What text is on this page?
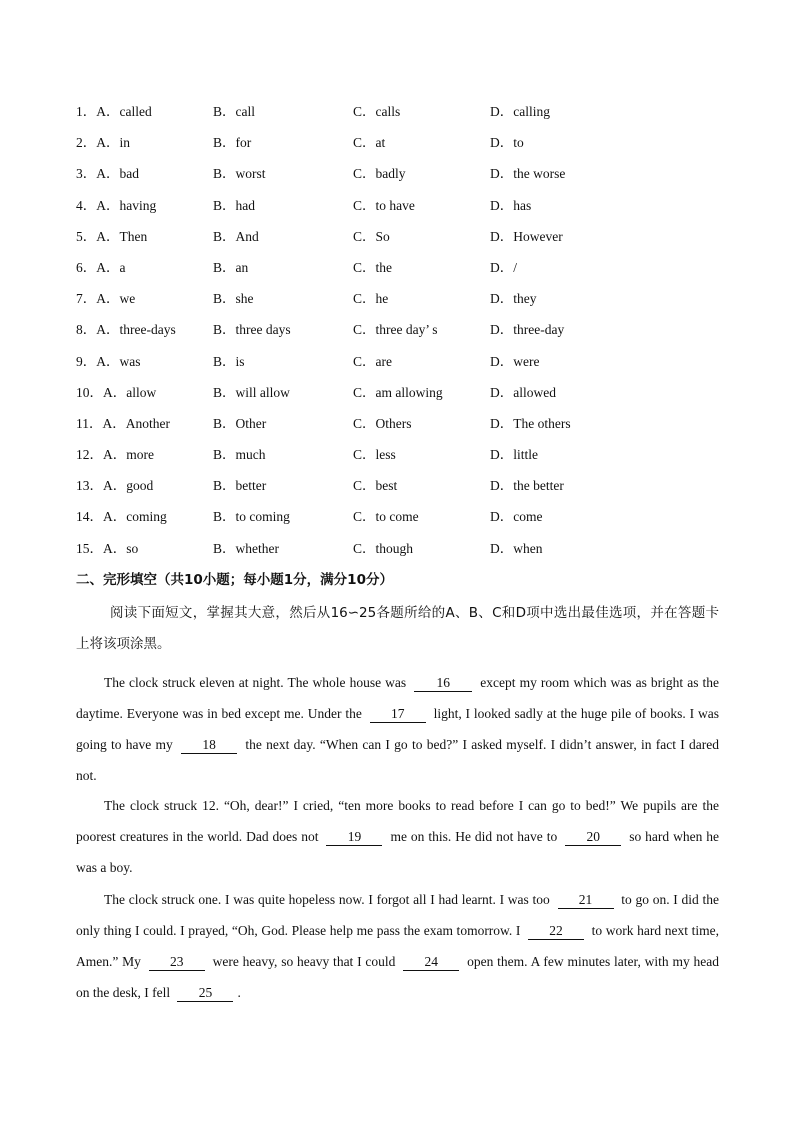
1．A．called	B．call	C．calls	D．calling
2．A．in	B．for	C．at	D．to
3．A．bad	B．worst	C．badly	D．the worse
4．A．having	B．had	C．to have	D．has
5．A．Then	B．And	C．So	D．However
6．A．a	B．an	C．the	D．/
7．A．we	B．she	C．he	D．they
8．A．three-days	B．three days	C．three day’ s	D．three-day
9．A．was	B．is	C．are	D．were
10．A．allow	B．will allow	C．am allowing	D．allowed
11．A．Another	B．Other	C．Others	D．The others
12．A．more	B．much	C．less	D．little
13．A．good	B．better	C．best	D．the better
14．A．coming	B．to coming	C．to come	D．come
15．A．so	B．whether	C．though	D．when
二、完形填空（共10小题；每小题1分，满分10分）
阅读下面短文，掌握其大意，然后从16∽25各题所给的A、B、C和D项中选出最佳选项，并在答题卡上将该项涂黑。
The clock struck eleven at night. The whole house was 16 except my room which was as bright as the daytime. Everyone was in bed except me. Under the 17 light, I looked sadly at the huge pile of books. I was going to have my 18 the next day. “When can I go to bed?” I asked myself. I didn’t answer, in fact I dared not.
The clock struck 12. “Oh, dear!” I cried, “ten more books to read before I can go to bed!” We pupils are the poorest creatures in the world. Dad does not 19 me on this. He did not have to 20 so hard when he was a boy.
The clock struck one. I was quite hopeless now. I forgot all I had learnt. I was too 21 to go on. I did the only thing I could. I prayed, “Oh, God. Please help me pass the exam tomorrow. I 22 to work hard next time, Amen.” My 23 were heavy, so heavy that I could 24 open them. A few minutes later, with my head on the desk, I fell 25 .
